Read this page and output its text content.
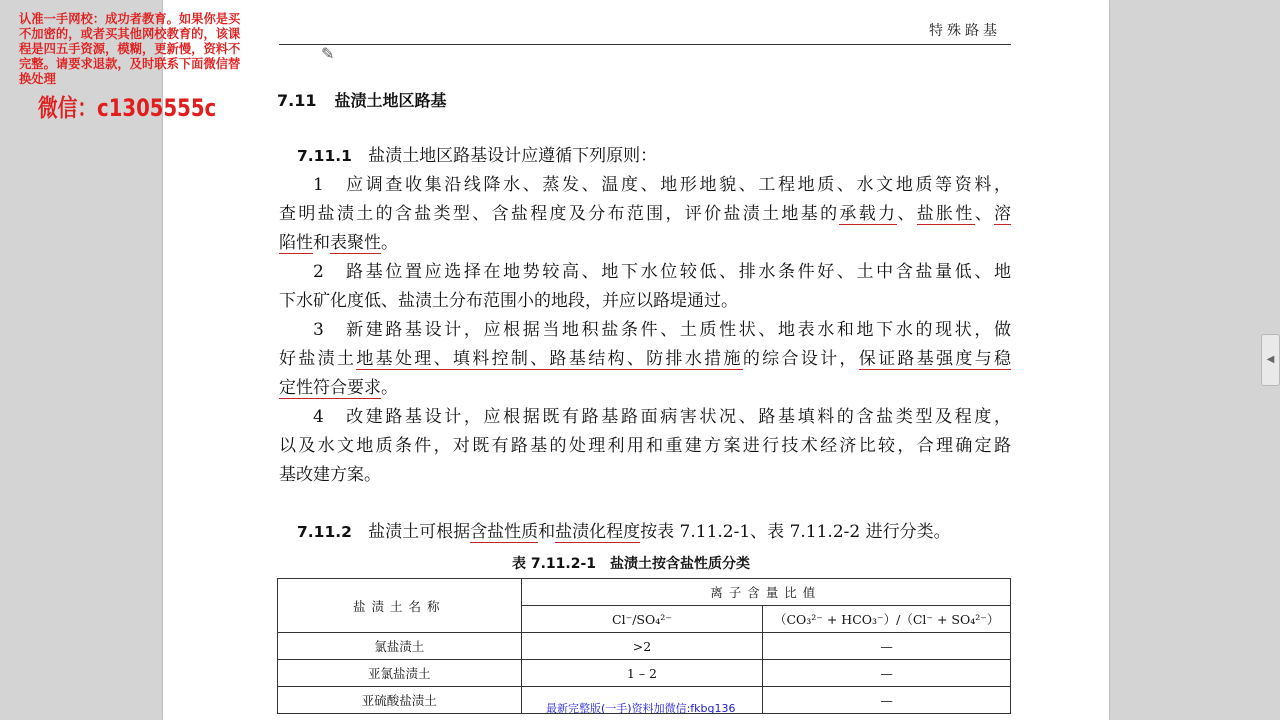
特殊路基
✎
7.11 盐渍土地区路基
7.11.1 盐渍土地区路基设计应遵循下列原则：
1　应调查收集沿线降水、蒸发、温度、地形地貌、工程地质、水文地质等资料，
查明盐渍土的含盐类型、含盐程度及分布范围，评价盐渍土地基的承载力、盐胀性、溶
陷性和表聚性。
2　路基位置应选择在地势较高、地下水位较低、排水条件好、土中含盐量低、地
下水矿化度低、盐渍土分布范围小的地段，并应以路堤通过。
3　新建路基设计，应根据当地积盐条件、土质性状、地表水和地下水的现状，做
好盐渍土地基处理、填料控制、路基结构、防排水措施的综合设计，保证路基强度与稳
定性符合要求。
4　改建路基设计，应根据既有路基路面病害状况、路基填料的含盐类型及程度，
以及水文地质条件，对既有路基的处理利用和重建方案进行技术经济比较，合理确定路
基改建方案。
7.11.2 盐渍土可根据含盐性质和盐渍化程度按表 7.11.2-1、表 7.11.2-2 进行分类。
表 7.11.2-1　盐渍土按含盐性质分类
盐渍土名称	离子含量比值	
	Cl⁻/SO₄²⁻	（CO₃²⁻ + HCO₃⁻）/（Cl⁻ + SO₄²⁻）
氯盐渍土	>2	—
亚氯盐渍土	1 – 2	—
亚硫酸盐渍土		—
最新完整版(一手)资料加微信:fkbg136
认准一手网校：成功者教育。如果你是买不加密的，或者买其他网校教育的，该课程是四五手资源，模糊，更新慢，资料不完整。请要求退款，及时联系下面微信替换处理
微信：c1305555c
◀
